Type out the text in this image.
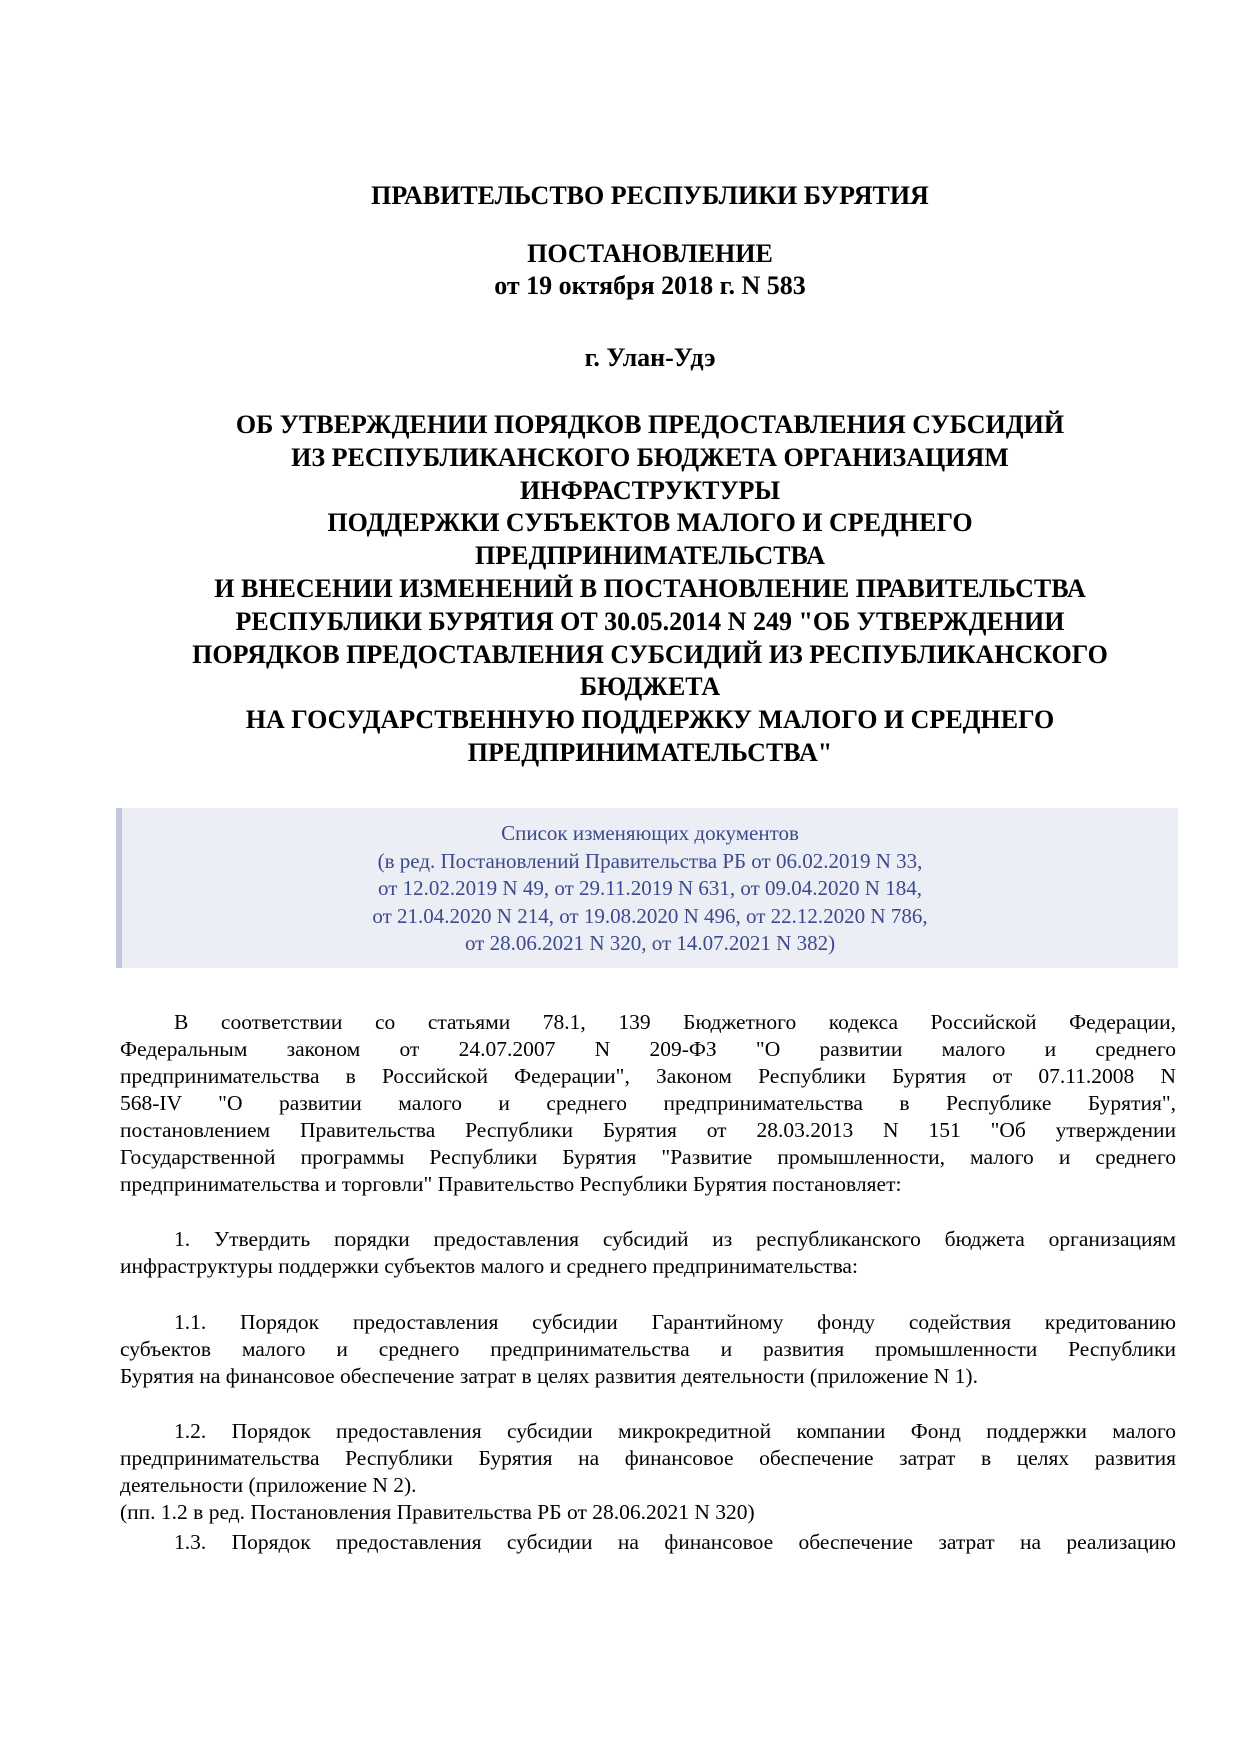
ПРАВИТЕЛЬСТВО РЕСПУБЛИКИ БУРЯТИЯ
ПОСТАНОВЛЕНИЕ
от 19 октября 2018 г. N 583
г. Улан-Удэ
ОБ УТВЕРЖДЕНИИ ПОРЯДКОВ ПРЕДОСТАВЛЕНИЯ СУБСИДИЙ
ИЗ РЕСПУБЛИКАНСКОГО БЮДЖЕТА ОРГАНИЗАЦИЯМ
ИНФРАСТРУКТУРЫ
ПОДДЕРЖКИ СУБЪЕКТОВ МАЛОГО И СРЕДНЕГО
ПРЕДПРИНИМАТЕЛЬСТВА
И ВНЕСЕНИИ ИЗМЕНЕНИЙ В ПОСТАНОВЛЕНИЕ ПРАВИТЕЛЬСТВА
РЕСПУБЛИКИ БУРЯТИЯ ОТ 30.05.2014 N 249 "ОБ УТВЕРЖДЕНИИ
ПОРЯДКОВ ПРЕДОСТАВЛЕНИЯ СУБСИДИЙ ИЗ РЕСПУБЛИКАНСКОГО
БЮДЖЕТА
НА ГОСУДАРСТВЕННУЮ ПОДДЕРЖКУ МАЛОГО И СРЕДНЕГО
ПРЕДПРИНИМАТЕЛЬСТВА"
Список изменяющих документов
(в ред. Постановлений Правительства РБ от 06.02.2019 N 33,
от 12.02.2019 N 49, от 29.11.2019 N 631, от 09.04.2020 N 184,
от 21.04.2020 N 214, от 19.08.2020 N 496, от 22.12.2020 N 786,
от 28.06.2021 N 320, от 14.07.2021 N 382)
В соответствии со статьями 78.1, 139 Бюджетного кодекса Российской Федерации,
Федеральным законом от 24.07.2007 N 209-ФЗ "О развитии малого и среднего
предпринимательства в Российской Федерации", Законом Республики Бурятия от 07.11.2008 N
568-IV "О развитии малого и среднего предпринимательства в Республике Бурятия",
постановлением Правительства Республики Бурятия от 28.03.2013 N 151 "Об утверждении
Государственной программы Республики Бурятия "Развитие промышленности, малого и среднего
предпринимательства и торговли" Правительство Республики Бурятия постановляет:
1. Утвердить порядки предоставления субсидий из республиканского бюджета организациям
инфраструктуры поддержки субъектов малого и среднего предпринимательства:
1.1. Порядок предоставления субсидии Гарантийному фонду содействия кредитованию
субъектов малого и среднего предпринимательства и развития промышленности Республики
Бурятия на финансовое обеспечение затрат в целях развития деятельности (приложение N 1).
1.2. Порядок предоставления субсидии микрокредитной компании Фонд поддержки малого
предпринимательства Республики Бурятия на финансовое обеспечение затрат в целях развития
деятельности (приложение N 2).
(пп. 1.2 в ред. Постановления Правительства РБ от 28.06.2021 N 320)
1.3. Порядок предоставления субсидии на финансовое обеспечение затрат на реализацию
